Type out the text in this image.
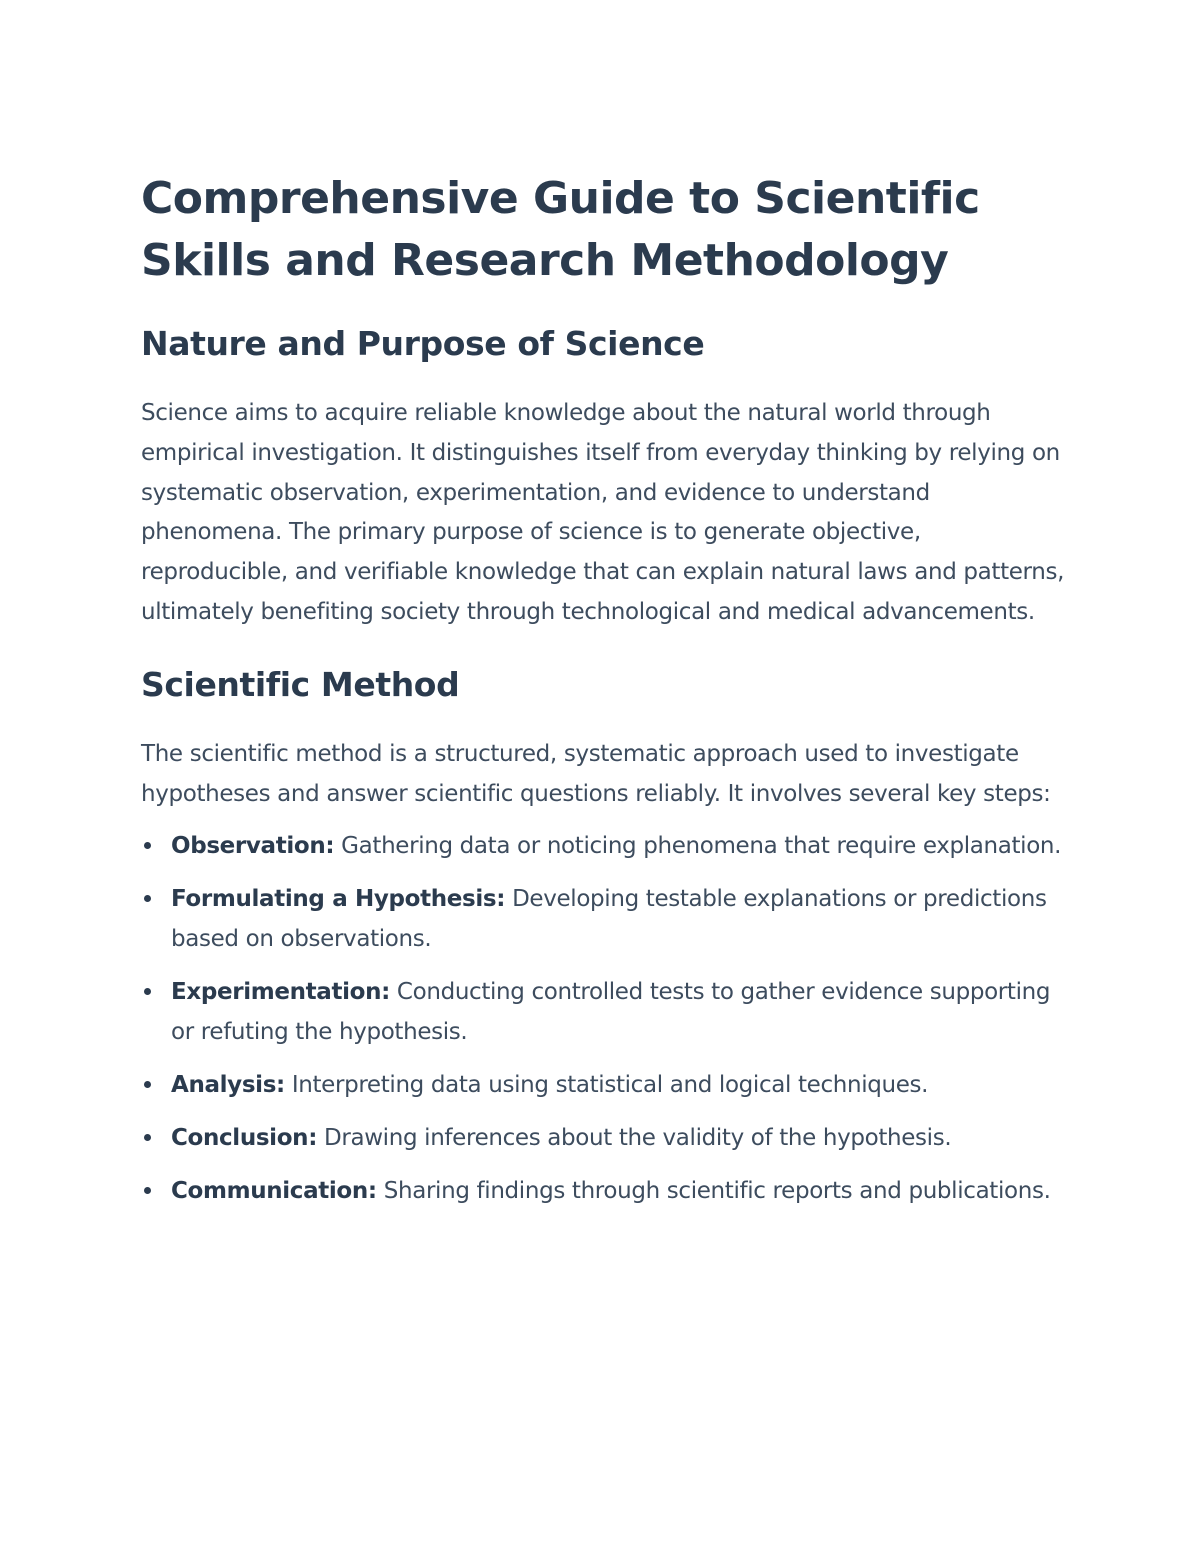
Comprehensive Guide to Scientific Skills and Research Methodology
Nature and Purpose of Science

Science aims to acquire reliable knowledge about the natural world through empirical investigation. It distinguishes itself from everyday thinking by relying on systematic observation, experimentation, and evidence to understand phenomena. The primary purpose of science is to generate objective, reproducible, and verifiable knowledge that can explain natural laws and patterns, ultimately benefiting society through technological and medical advancements.

Scientific Method

The scientific method is a structured, systematic approach used to investigate hypotheses and answer scientific questions reliably. It involves several key steps:

Observation: Gathering data or noticing phenomena that require explanation.
Formulating a Hypothesis: Developing testable explanations or predictions based on observations.
Experimentation: Conducting controlled tests to gather evidence supporting or refuting the hypothesis.
Analysis: Interpreting data using statistical and logical techniques.
Conclusion: Drawing inferences about the validity of the hypothesis.
Communication: Sharing findings through scientific reports and publications.
